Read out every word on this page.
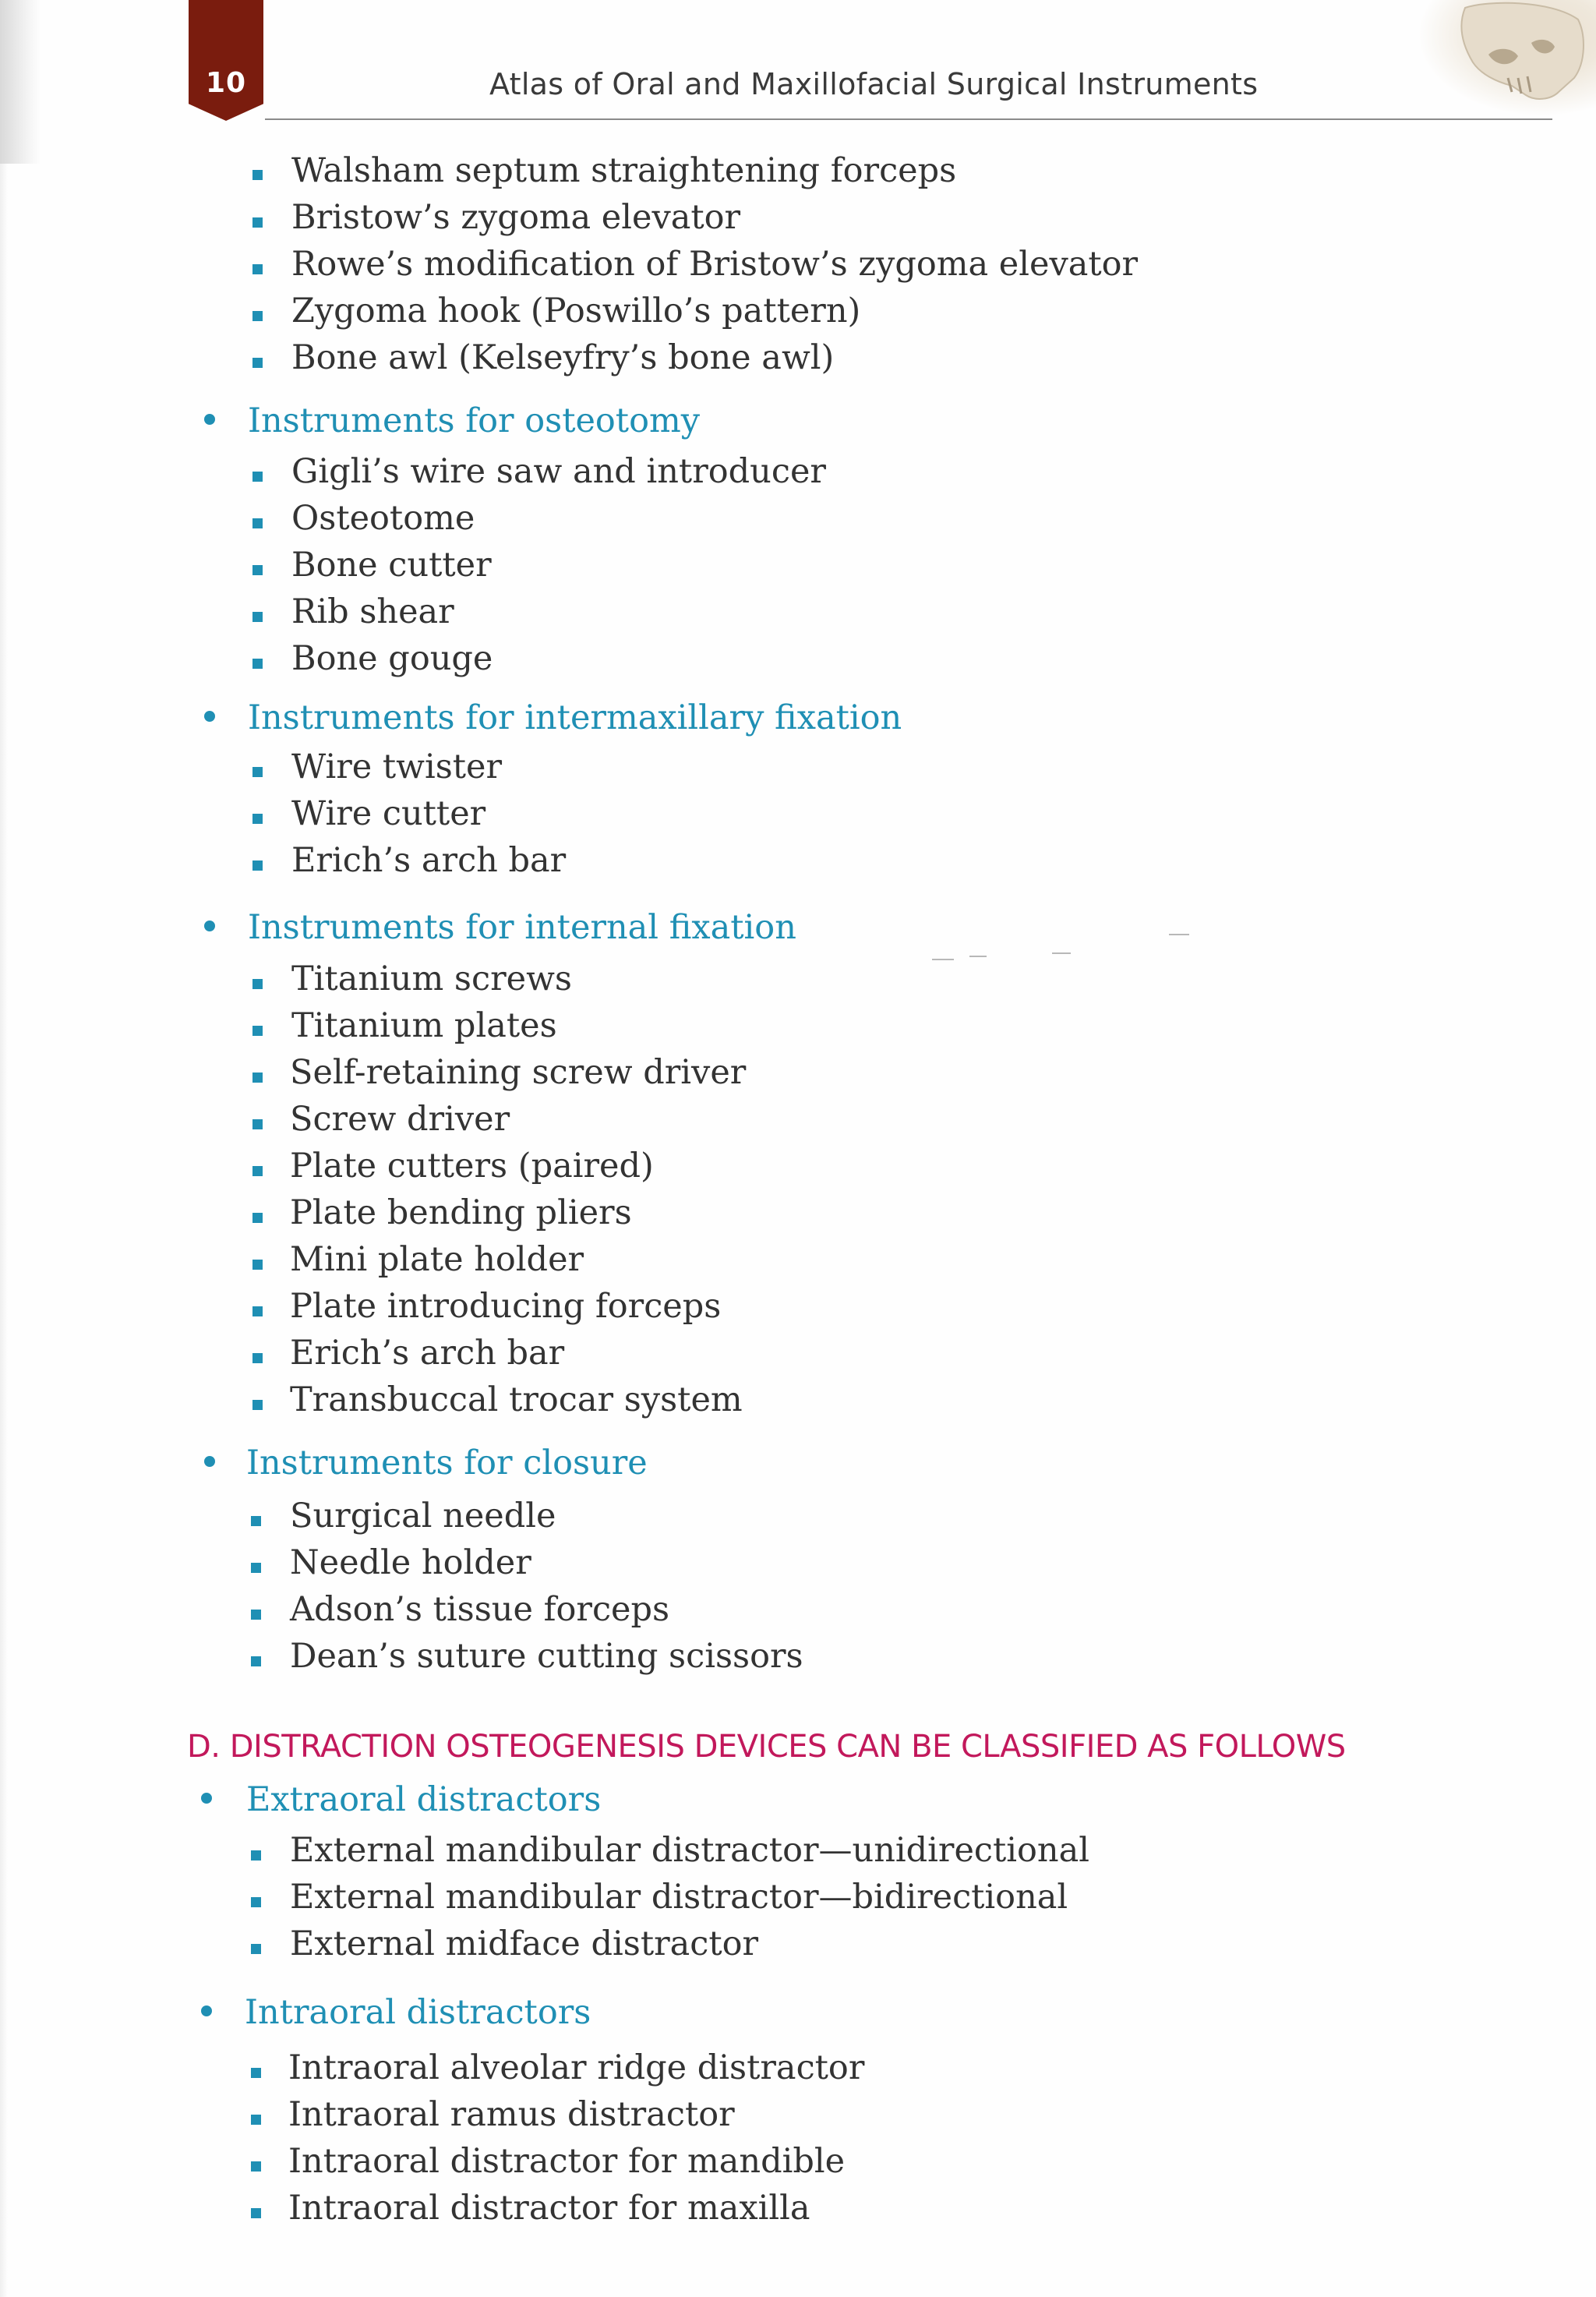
10	Atlas of Oral and Maxillofacial Surgical Instruments
Walsham septum straightening forceps
Bristow’s zygoma elevator
Rowe’s modification of Bristow’s zygoma elevator
Zygoma hook (Poswillo’s pattern)
Bone awl (Kelseyfry’s bone awl)
Instruments for osteotomy
Gigli’s wire saw and introducer
Osteotome
Bone cutter
Rib shear
Bone gouge
Instruments for intermaxillary fixation
Wire twister
Wire cutter
Erich’s arch bar
Instruments for internal fixation
Titanium screws
Titanium plates
Self-retaining screw driver
Screw driver
Plate cutters (paired)
Plate bending pliers
Mini plate holder
Plate introducing forceps
Erich’s arch bar
Transbuccal trocar system
Instruments for closure
Surgical needle
Needle holder
Adson’s tissue forceps
Dean’s suture cutting scissors
D. DISTRACTION OSTEOGENESIS DEVICES CAN BE CLASSIFIED AS FOLLOWS
Extraoral distractors
External mandibular distractor—unidirectional
External mandibular distractor—bidirectional
External midface distractor
Intraoral distractors
Intraoral alveolar ridge distractor
Intraoral ramus distractor
Intraoral distractor for mandible
Intraoral distractor for maxilla
